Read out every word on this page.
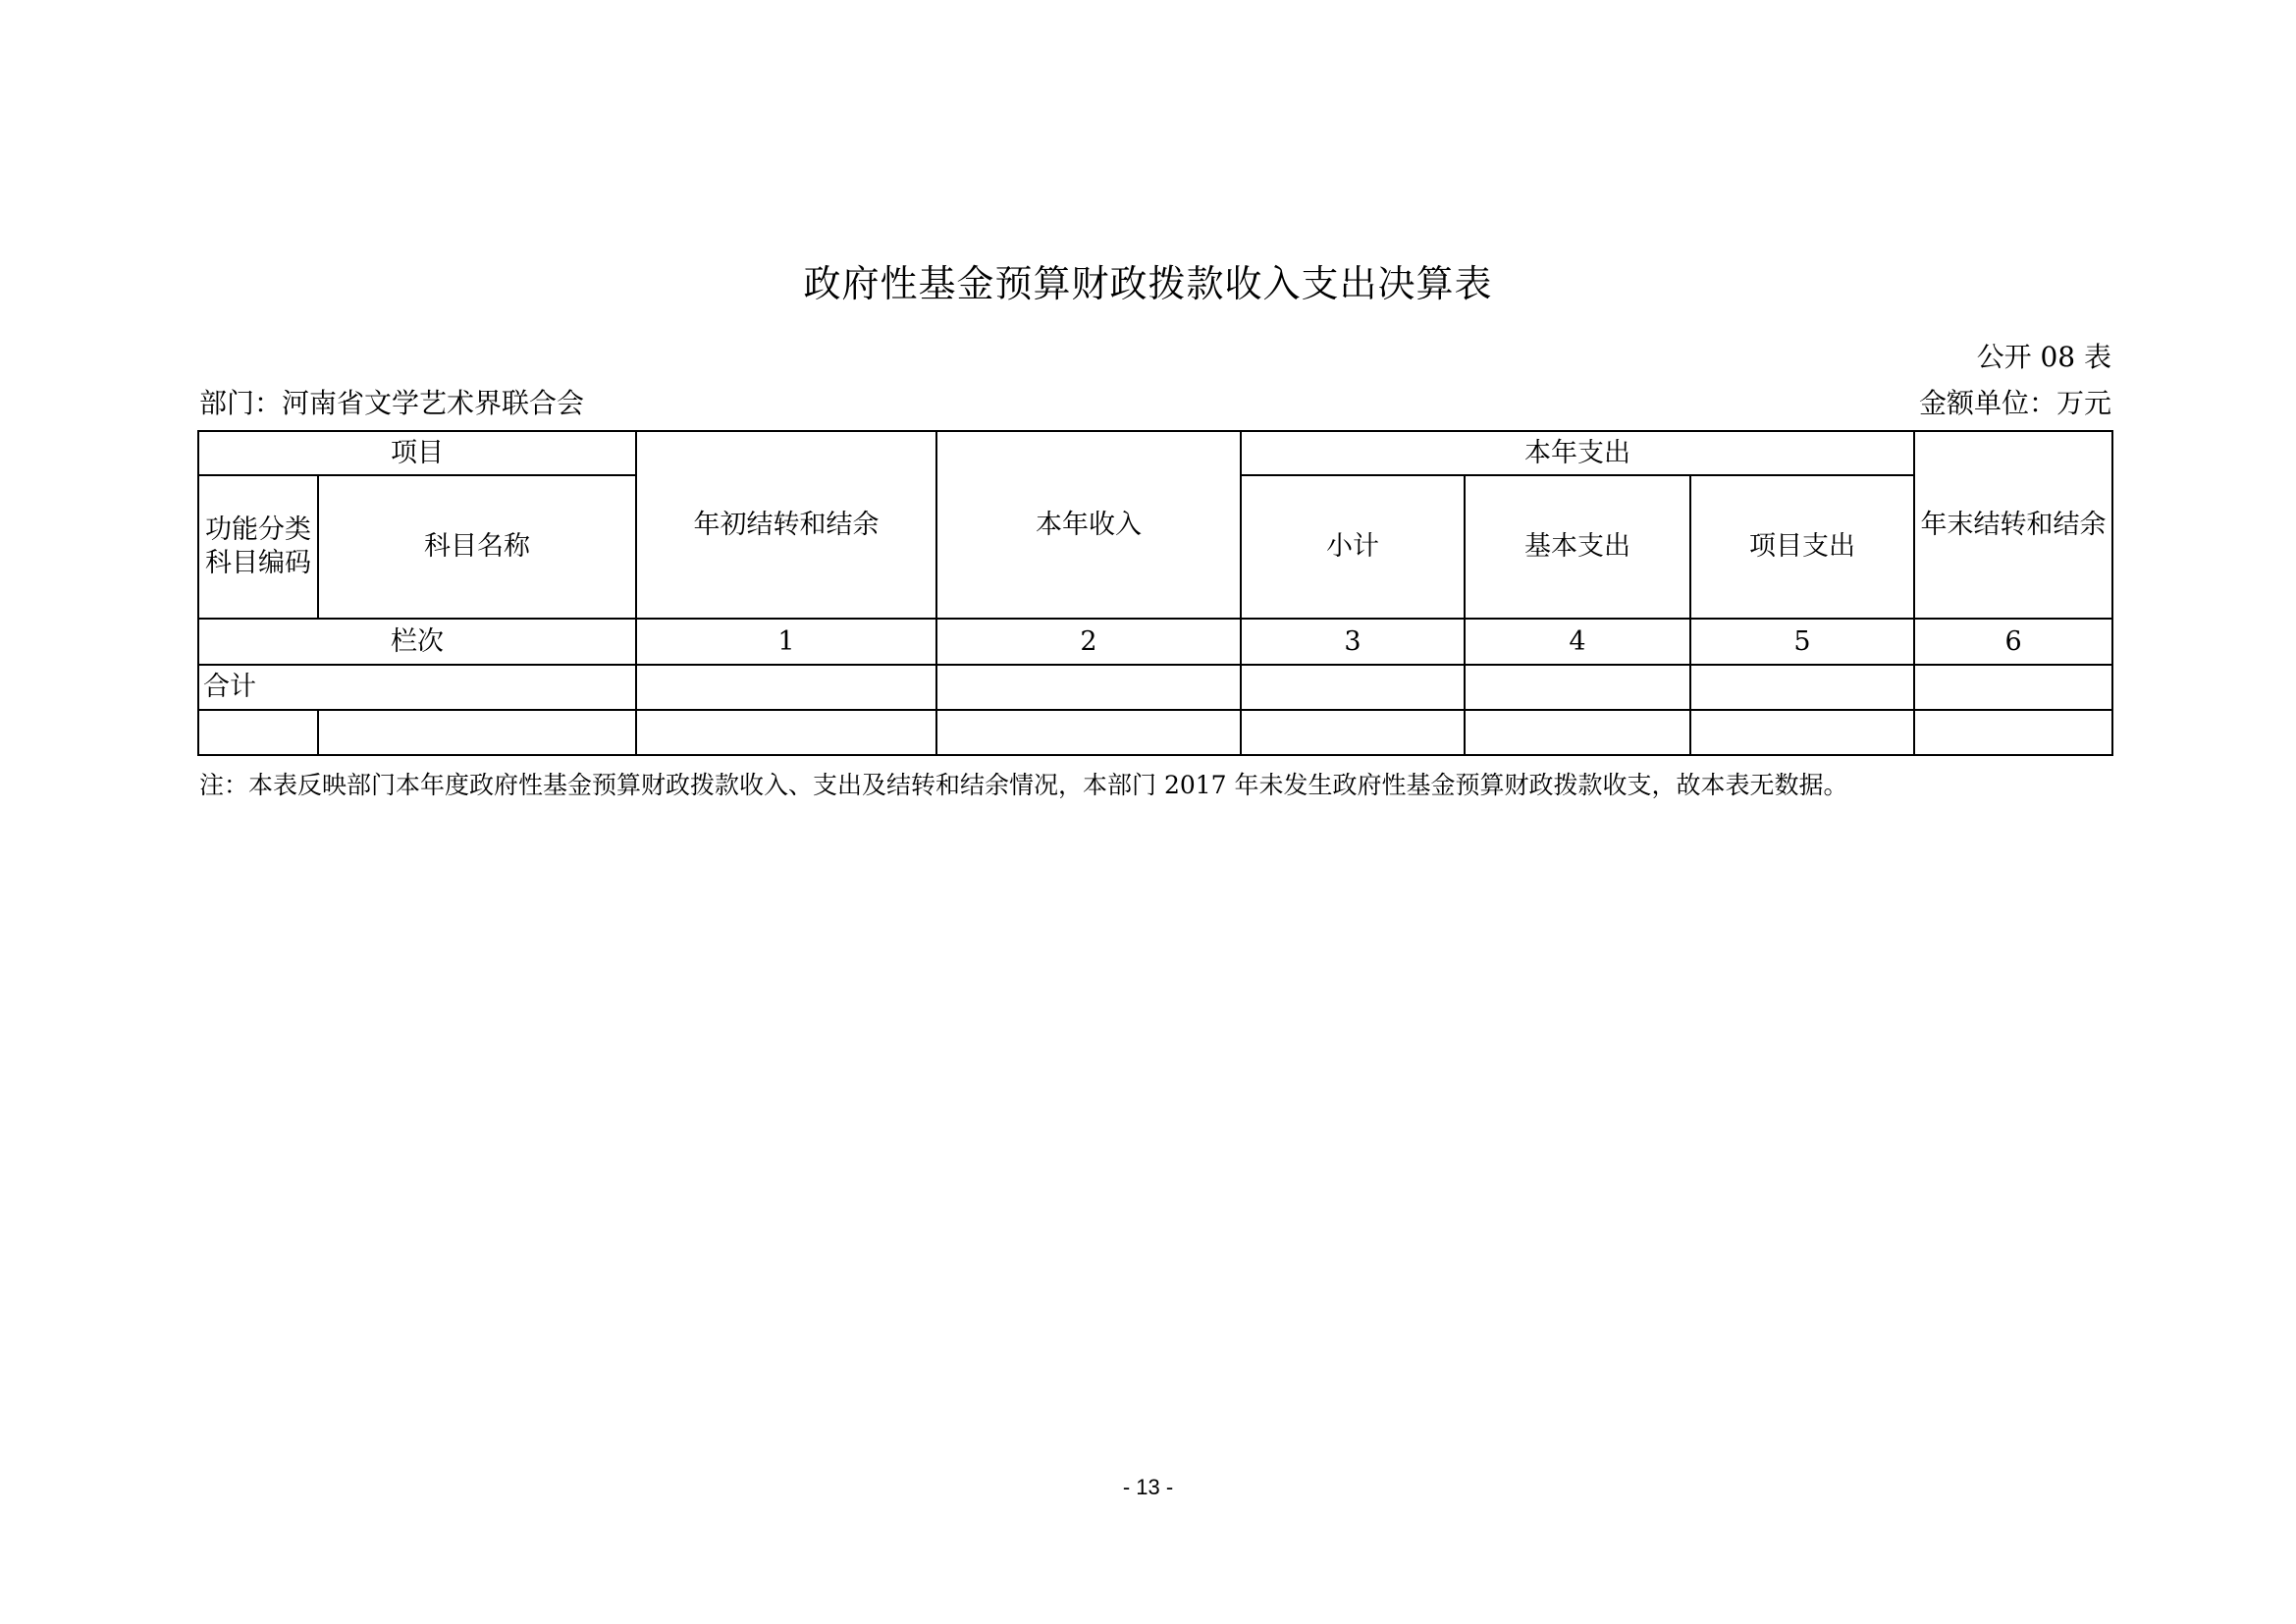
政府性基金预算财政拨款收入支出决算表
公开 08 表
部门：河南省文学艺术界联合会	金额单位：万元
项目		年初结转和结余	本年收入	本年支出			年末结转和结余
功能分类科目编码	科目名称			小计	基本支出	项目支出	
栏次		1	2	3	4	5	6
合计							

注：本表反映部门本年度政府性基金预算财政拨款收入、支出及结转和结余情况，本部门 2017 年未发生政府性基金预算财政拨款收支，故本表无数据。
- 13 -
